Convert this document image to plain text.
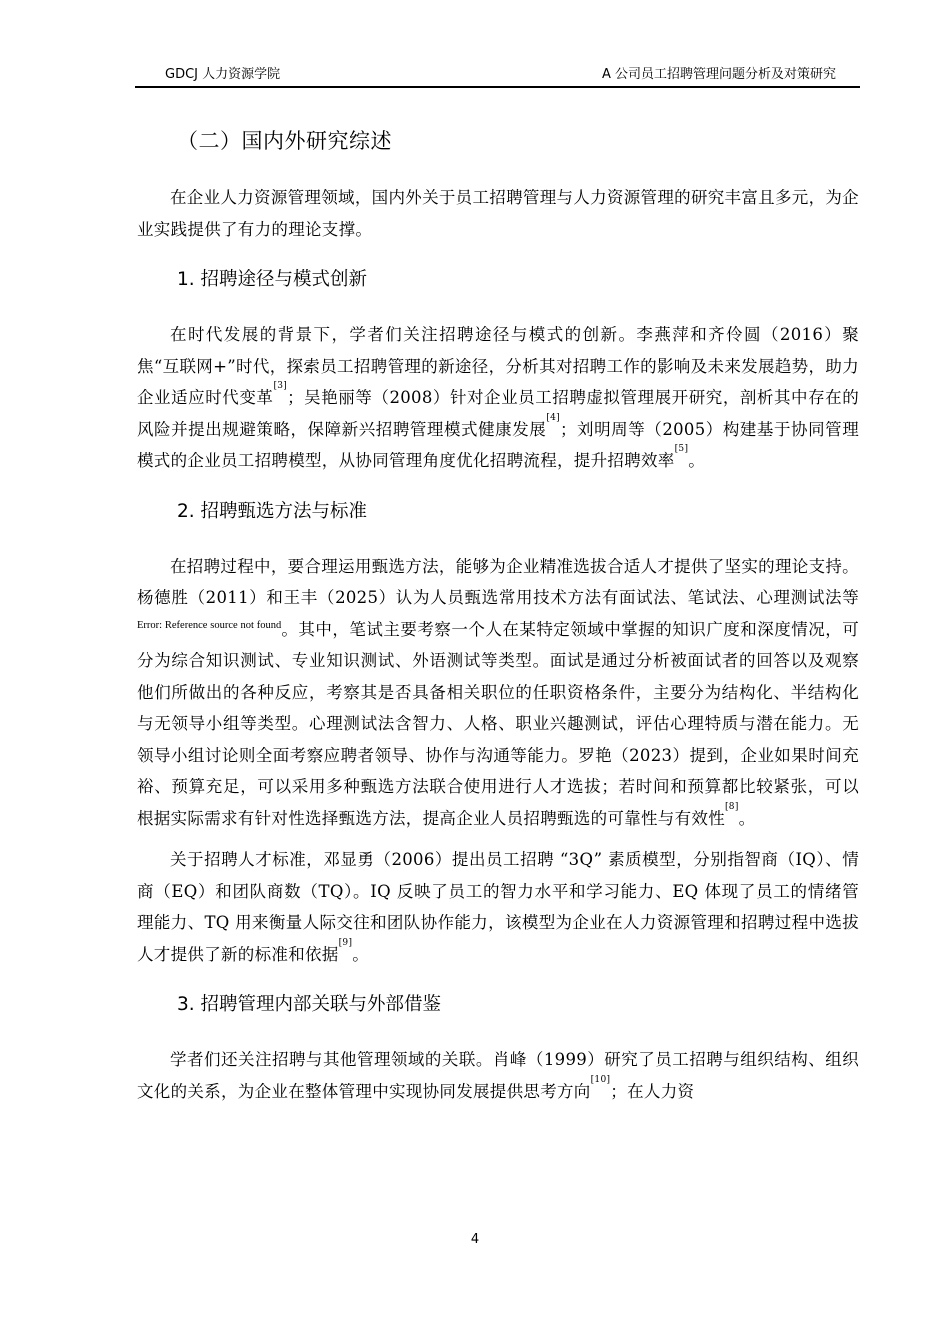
GDCJ 人力资源学院	A 公司员工招聘管理问题分析及对策研究
（二）国内外研究综述

在企业人力资源管理领域，国内外关于员工招聘管理与人力资源管理的研究丰富且多元，为企业实践提供了有力的理论支撑。

1. 招聘途径与模式创新

在时代发展的背景下，学者们关注招聘途径与模式的创新。李燕萍和齐伶圆（2016）聚焦“互联网+”时代，探索员工招聘管理的新途径，分析其对招聘工作的影响及未来发展趋势，助力企业适应时代变革[3]；吴艳丽等（2008）针对企业员工招聘虚拟管理展开研究，剖析其中存在的风险并提出规避策略，保障新兴招聘管理模式健康发展[4]；刘明周等（2005）构建基于协同管理模式的企业员工招聘模型，从协同管理角度优化招聘流程，提升招聘效率[5]。

2. 招聘甄选方法与标准

在招聘过程中，要合理运用甄选方法，能够为企业精准选拔合适人才提供了坚实的理论支持。杨德胜（2011）和王丰（2025）认为人员甄选常用技术方法有面试法、笔试法、心理测试法等$^{Error: Reference source not found}$。其中，笔试主要考察一个人在某特定领域中掌握的知识广度和深度情况，可分为综合知识测试、专业知识测试、外语测试等类型。面试是通过分析被面试者的回答以及观察他们所做出的各种反应，考察其是否具备相关职位的任职资格条件，主要分为结构化、半结构化与无领导小组等类型。心理测试法含智力、人格、职业兴趣测试，评估心理特质与潜在能力。无领导小组讨论则全面考察应聘者领导、协作与沟通等能力。罗艳（2023）提到，企业如果时间充裕、预算充足，可以采用多种甄选方法联合使用进行人才选拔；若时间和预算都比较紧张，可以根据实际需求有针对性选择甄选方法，提高企业人员招聘甄选的可靠性与有效性[8]。

关于招聘人才标准，邓显勇（2006）提出员工招聘 “3Q” 素质模型，分别指智商（IQ）、情商（EQ）和团队商数（TQ）。IQ 反映了员工的智力水平和学习能力、EQ 体现了员工的情绪管理能力、TQ 用来衡量人际交往和团队协作能力，该模型为企业在人力资源管理和招聘过程中选拔人才提供了新的标准和依据[9]。

3. 招聘管理内部关联与外部借鉴

学者们还关注招聘与其他管理领域的关联。肖峰（1999）研究了员工招聘与组织结构、组织文化的关系，为企业在整体管理中实现协同发展提供思考方向[10]；在人力资

4
